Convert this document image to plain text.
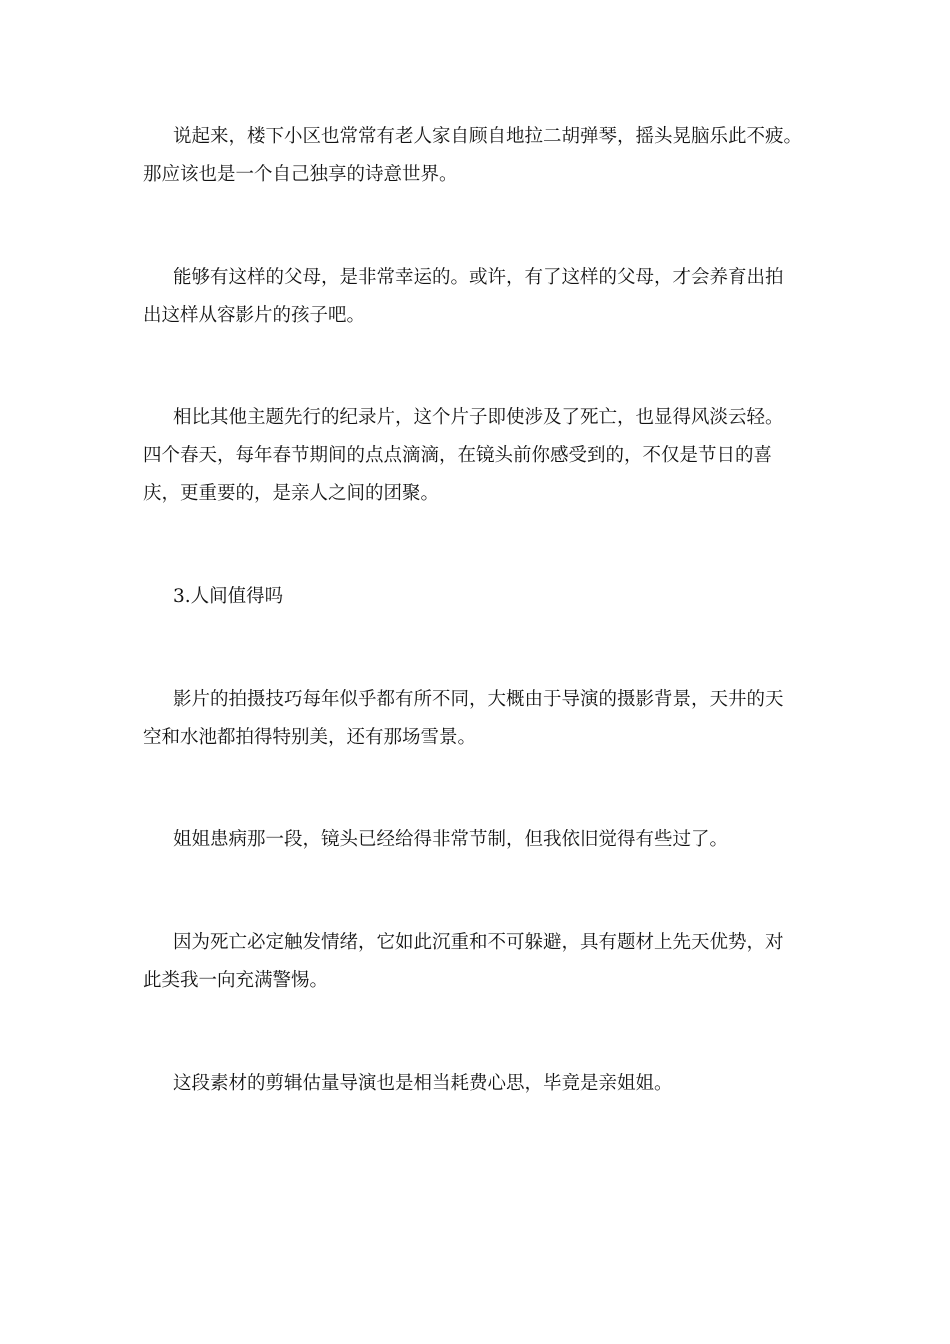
说起来，楼下小区也常常有老人家自顾自地拉二胡弹琴，摇头晃脑乐此不疲。
那应该也是一个自己独享的诗意世界。
能够有这样的父母，是非常幸运的。或许，有了这样的父母，才会养育出拍
出这样从容影片的孩子吧。
相比其他主题先行的纪录片，这个片子即使涉及了死亡，也显得风淡云轻。
四个春天，每年春节期间的点点滴滴，在镜头前你感受到的，不仅是节日的喜
庆，更重要的，是亲人之间的团聚。
3.人间值得吗
影片的拍摄技巧每年似乎都有所不同，大概由于导演的摄影背景，天井的天
空和水池都拍得特别美，还有那场雪景。
姐姐患病那一段，镜头已经给得非常节制，但我依旧觉得有些过了。
因为死亡必定触发情绪，它如此沉重和不可躲避，具有题材上先天优势，对
此类我一向充满警惕。
这段素材的剪辑估量导演也是相当耗费心思，毕竟是亲姐姐。
